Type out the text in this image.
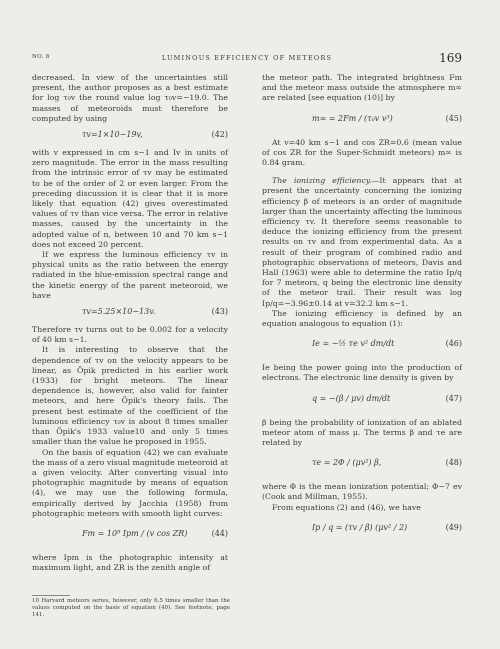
NO. 8	LUMINOUS EFFICIENCY OF METEORS	169

decreased. In view of the uncertainties still present, the author proposes as a best estimate for log τ₀v the round value log τ₀v=−19.0. The masses of meteoroids must therefore be computed by using

τv=1×10−19v,	(42)

with v expressed in cm s−1 and Iv in units of zero magnitude. The error in the mass resulting from the intrinsic error of τv may be estimated to be of the order of 2 or even larger. From the preceding discussion it is clear that it is more likely that equation (42) gives overestimated values of τv than vice versa. The error in relative masses, caused by the uncertainty in the adopted value of n, between 10 and 70 km s−1 does not exceed 20 percent.

If we express the luminous efficiency τv in physical units as the ratio between the energy radiated in the blue-emission spectral range and the kinetic energy of the parent meteoroid, we have

τv=5.25×10−13v.	(43)

Therefore τv turns out to be 0.002 for a velocity of 40 km s−1.

It is interesting to observe that the dependence of τv on the velocity appears to be linear, as Öpik predicted in his earlier work (1933) for bright meteors. The linear dependence is, however, also valid for fainter meteors, and here Öpik's theory fails. The present best estimate of the coefficient of the luminous efficiency τ₀v is about 8 times smaller than Öpik's 1933 value10 and only 5 times smaller than the value he proposed in 1955.

On the basis of equation (42) we can evaluate the mass of a zero visual magnitude meteoroid at a given velocity. After converting visual into photographic magnitude by means of equation (4), we may use the following formula, empirically derived by Jacchia (1958) from photographic meteors with smooth light curves:

Fm = 10⁹ Ipm / (v cos ZR)	(44)

where Ipm is the photographic intensity at maximum light, and ZR is the zenith angle of

10 Harvard meteors series, however, only 6.5 times smaller than the values computed on the basis of equation (40). See footnote, page 141.

the meteor path. The integrated brightness Fm and the meteor mass outside the atmosphere m∞ are related [see equation (10)] by

m∞ = 2Fm / (τ₀v v³)	(45)

At v=40 km s−1 and cos ZR=0.6 (mean value of cos ZR for the Super-Schmidt meteors) m∞ is 0.84 gram.

The ionizing efficiency.—It appears that at present the uncertainty concerning the ionizing efficiency β of meteors is an order of magnitude larger than the uncertainty affecting the luminous efficiency τv. It therefore seems reasonable to deduce the ionizing efficiency from the present results on τv and from experimental data. As a result of their program of combined radio and photographic observations of meteors, Davis and Hall (1963) were able to determine the ratio Ip/q for 7 meteors, q being the electronic line density of the meteor trail. Their result was log Ip/q=−3.96±0.14 at v=32.2 km s−1.

The ionizing efficiency is defined by an equation analogous to equation (1):

Ie = −½ τe v² dm/dt	(46)

Ie being the power going into the production of electrons. The electronic line density is given by

q = −(β / μv) dm/dt	(47)

β being the probability of ionization of an ablated meteor atom of mass μ. The terms β and τe are related by

τe = 2Φ / (μv²) β,	(48)

where Φ is the mean ionization potential; Φ∼7 ev (Cook and Millman, 1955).

From equations (2) and (46), we have

Ip / q = (τv / β) (μv² / 2)	(49)
